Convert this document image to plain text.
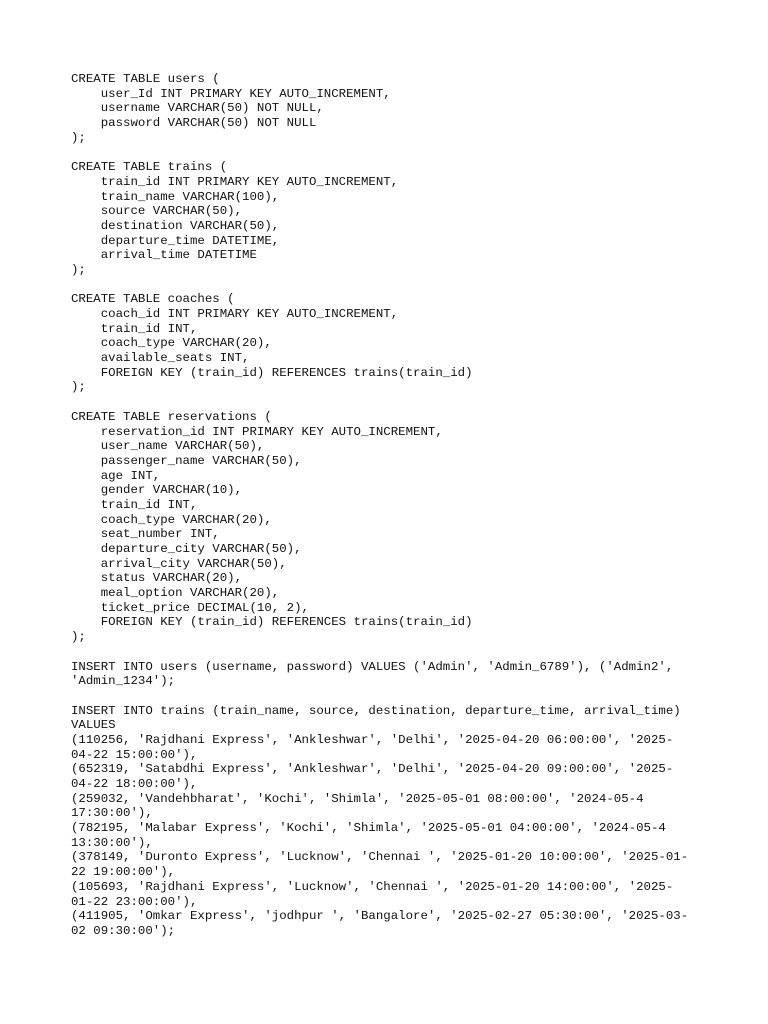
CREATE TABLE users (
user_Id INT PRIMARY KEY AUTO_INCREMENT,
username VARCHAR(50) NOT NULL,
password VARCHAR(50) NOT NULL
);
CREATE TABLE trains (
train_id INT PRIMARY KEY AUTO_INCREMENT,
train_name VARCHAR(100),
source VARCHAR(50),
destination VARCHAR(50),
departure_time DATETIME,
arrival_time DATETIME
);
CREATE TABLE coaches (
coach_id INT PRIMARY KEY AUTO_INCREMENT,
train_id INT,
coach_type VARCHAR(20),
available_seats INT,
FOREIGN KEY (train_id) REFERENCES trains(train_id)
);
CREATE TABLE reservations (
reservation_id INT PRIMARY KEY AUTO_INCREMENT,
user_name VARCHAR(50),
passenger_name VARCHAR(50),
age INT,
gender VARCHAR(10),
train_id INT,
coach_type VARCHAR(20),
seat_number INT,
departure_city VARCHAR(50),
arrival_city VARCHAR(50),
status VARCHAR(20),
meal_option VARCHAR(20),
ticket_price DECIMAL(10, 2),
FOREIGN KEY (train_id) REFERENCES trains(train_id)
);
INSERT INTO users (username, password) VALUES ('Admin', 'Admin_6789'), ('Admin2',
'Admin_1234');
INSERT INTO trains (train_name, source, destination, departure_time, arrival_time)
VALUES
(110256, 'Rajdhani Express', 'Ankleshwar', 'Delhi', '2025-04-20 06:00:00', '2025-
04-22 15:00:00'),
(652319, 'Satabdhi Express', 'Ankleshwar', 'Delhi', '2025-04-20 09:00:00', '2025-
04-22 18:00:00'),
(259032, 'Vandehbharat', 'Kochi', 'Shimla', '2025-05-01 08:00:00', '2024-05-4
17:30:00'),
(782195, 'Malabar Express', 'Kochi', 'Shimla', '2025-05-01 04:00:00', '2024-05-4
13:30:00'),
(378149, 'Duronto Express', 'Lucknow', 'Chennai ', '2025-01-20 10:00:00', '2025-01-
22 19:00:00'),
(105693, 'Rajdhani Express', 'Lucknow', 'Chennai ', '2025-01-20 14:00:00', '2025-
01-22 23:00:00'),
(411905, 'Omkar Express', 'jodhpur ', 'Bangalore', '2025-02-27 05:30:00', '2025-03-
02 09:30:00');
